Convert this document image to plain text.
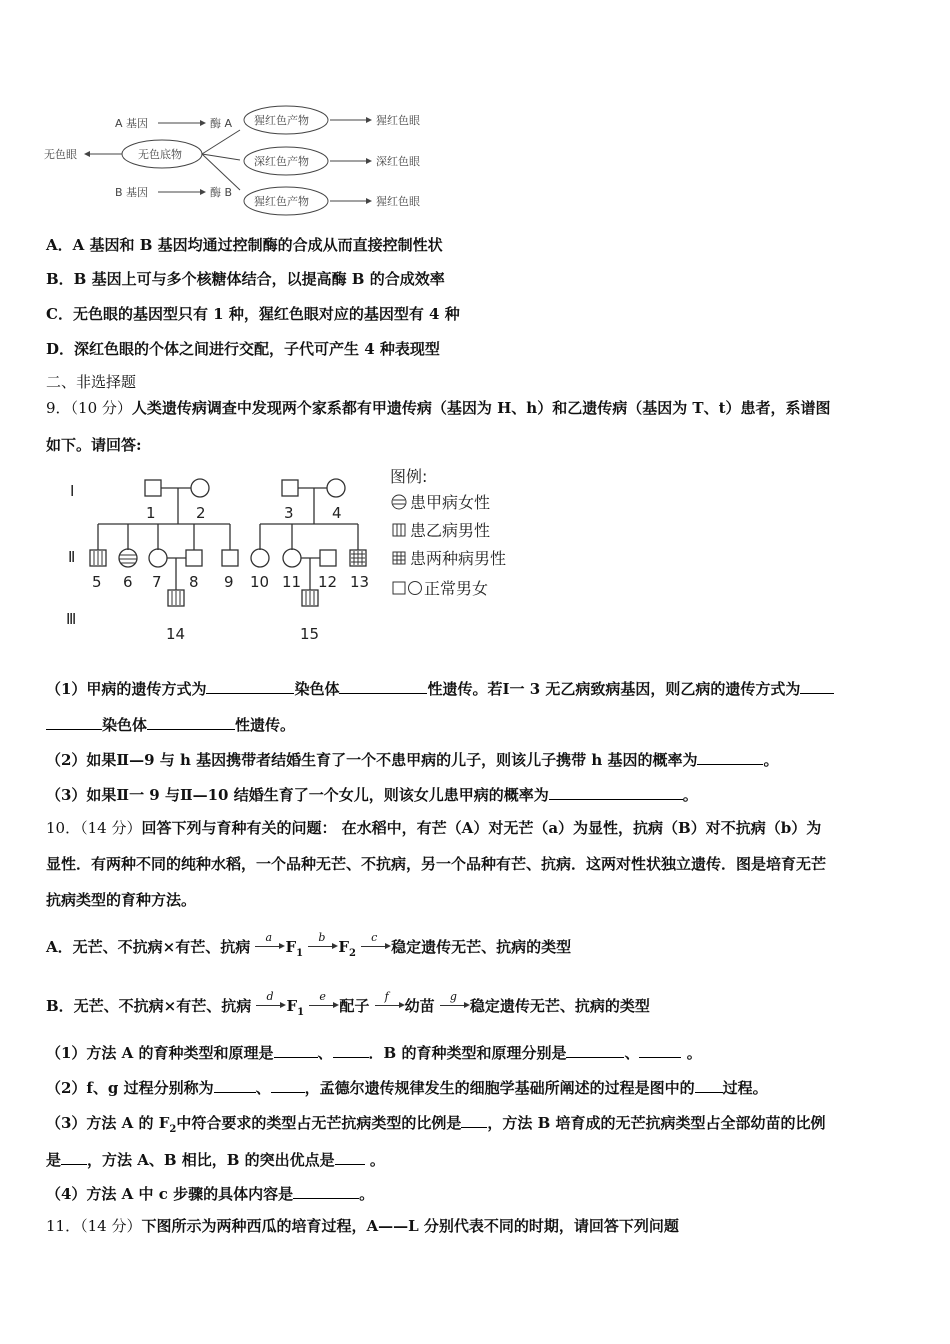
A 基因	酶 A
无色眼	无色底物
B 基因	酶 B
猩红色产物
深红色产物
猩红色产物
猩红色眼
深红色眼
猩红色眼
A．A 基因和 B 基因均通过控制酶的合成从而直接控制性状
B．B 基因上可与多个核糖体结合，以提高酶 B 的合成效率
C．无色眼的基因型只有 1 种，猩红色眼对应的基因型有 4 种
D．深红色眼的个体之间进行交配，子代可产生 4 种表现型
二、非选择题
9．（10 分）人类遗传病调查中发现两个家系都有甲遗传病（基因为 H、h）和乙遗传病（基因为 T、t）患者，系谱图
如下。请回答:
Ⅰ
Ⅱ
Ⅲ
1	2	3	4
5 6 7 8 9 10 11 12 13
14	15
图例:
患甲病女性
患乙病男性
患两种病男性
正常男女
（1）甲病的遗传方式为	染色体	性遗传。若Ⅰ一 3 无乙病致病基因，则乙病的遗传方式为
染色体	性遗传。
（2）如果Ⅱ—9 与 h 基因携带者结婚生育了一个不患甲病的儿子，则该儿子携带 h 基因的概率为	。
（3）如果Ⅱ一 9 与Ⅱ—10 结婚生育了一个女儿，则该女儿患甲病的概率为	。
10．（14 分）回答下列与育种有关的问题： 在水稻中，有芒（A）对无芒（a）为显性，抗病（B）对不抗病（b）为
显性．有两种不同的纯种水稻，一个品种无芒、不抗病，另一个品种有芒、抗病．这两对性状独立遗传．图是培育无芒
抗病类型的育种方法。
A．无芒、不抗病×有芒、抗病
a
$F_1$
b
$F_2$
c
稳定遗传无芒、抗病的类型
B．无芒、不抗病×有芒、抗病
d
$F_1$
e
配子
f
幼苗
g
稳定遗传无芒、抗病的类型
（1）方法 A 的育种类型和原理是	、 ．B 的育种类型和原理分别是	、	。
（2）f、g 过程分别称为	、 ，孟德尔遗传规律发生的细胞学基础所阐述的过程是图中的 过程。
（3）方法 A 的 $F_2$中符合要求的类型占无芒抗病类型的比例是 ，方法 B 培育成的无芒抗病类型占全部幼苗的比例
是 ，方法 A、B 相比，B 的突出优点是 。
（4）方法 A 中 c 步骤的具体内容是	。
11．（14 分）下图所示为两种西瓜的培育过程，A——L 分别代表不同的时期，请回答下列问题
